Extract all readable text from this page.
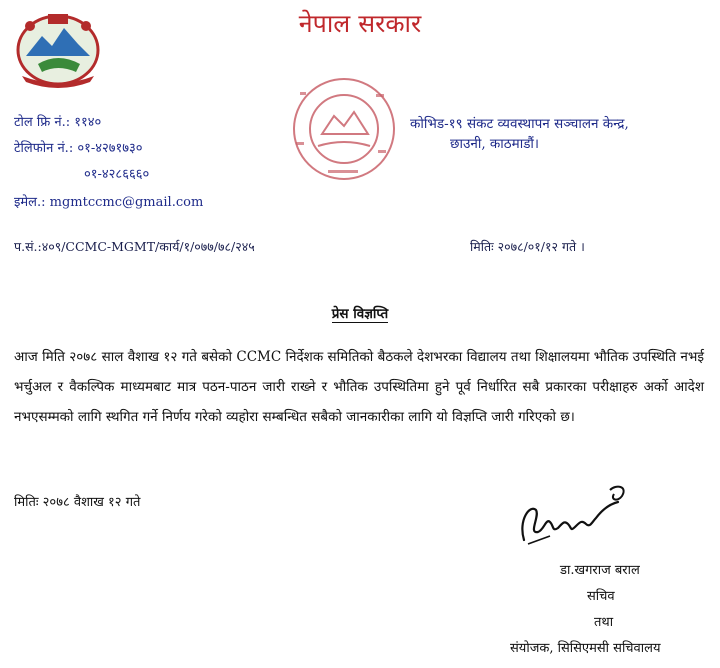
नेपाल सरकार
टोल फ्रि नं.: ११४०
टेलिफोन नं.: ०१-४२७१७३०
०१-४२८६६६०
इमेल.: mgmtccmc@gmail.com
कोभिड-१९ संकट व्यवस्थापन सञ्चालन केन्द्र,
छाउनी, काठमाडौं।
प.सं.:४०९/CCMC-MGMT/कार्य/१/०७७/७८/२४५	मितिः २०७८/०१/१२ गते ।
प्रेस विज्ञप्ति
आज मिति २०७८ साल वैशाख १२ गते बसेको CCMC निर्देशक समितिको बैठकले देशभरका विद्यालय तथा शिक्षालयमा भौतिक उपस्थिति नभई भर्चुअल र वैकल्पिक माध्यमबाट मात्र पठन-पाठन जारी राख्ने र भौतिक उपस्थितिमा हुने पूर्व निर्धारित सबै प्रकारका परीक्षाहरु अर्को आदेश नभएसम्मको लागि स्थगित गर्ने निर्णय गरेको व्यहोरा सम्बन्धित सबैको जानकारीका लागि यो विज्ञप्ति जारी गरिएको छ।
मितिः २०७८ वैशाख १२ गते
डा.खगराज बराल
सचिव
तथा
संयोजक, सिसिएमसी सचिवालय
